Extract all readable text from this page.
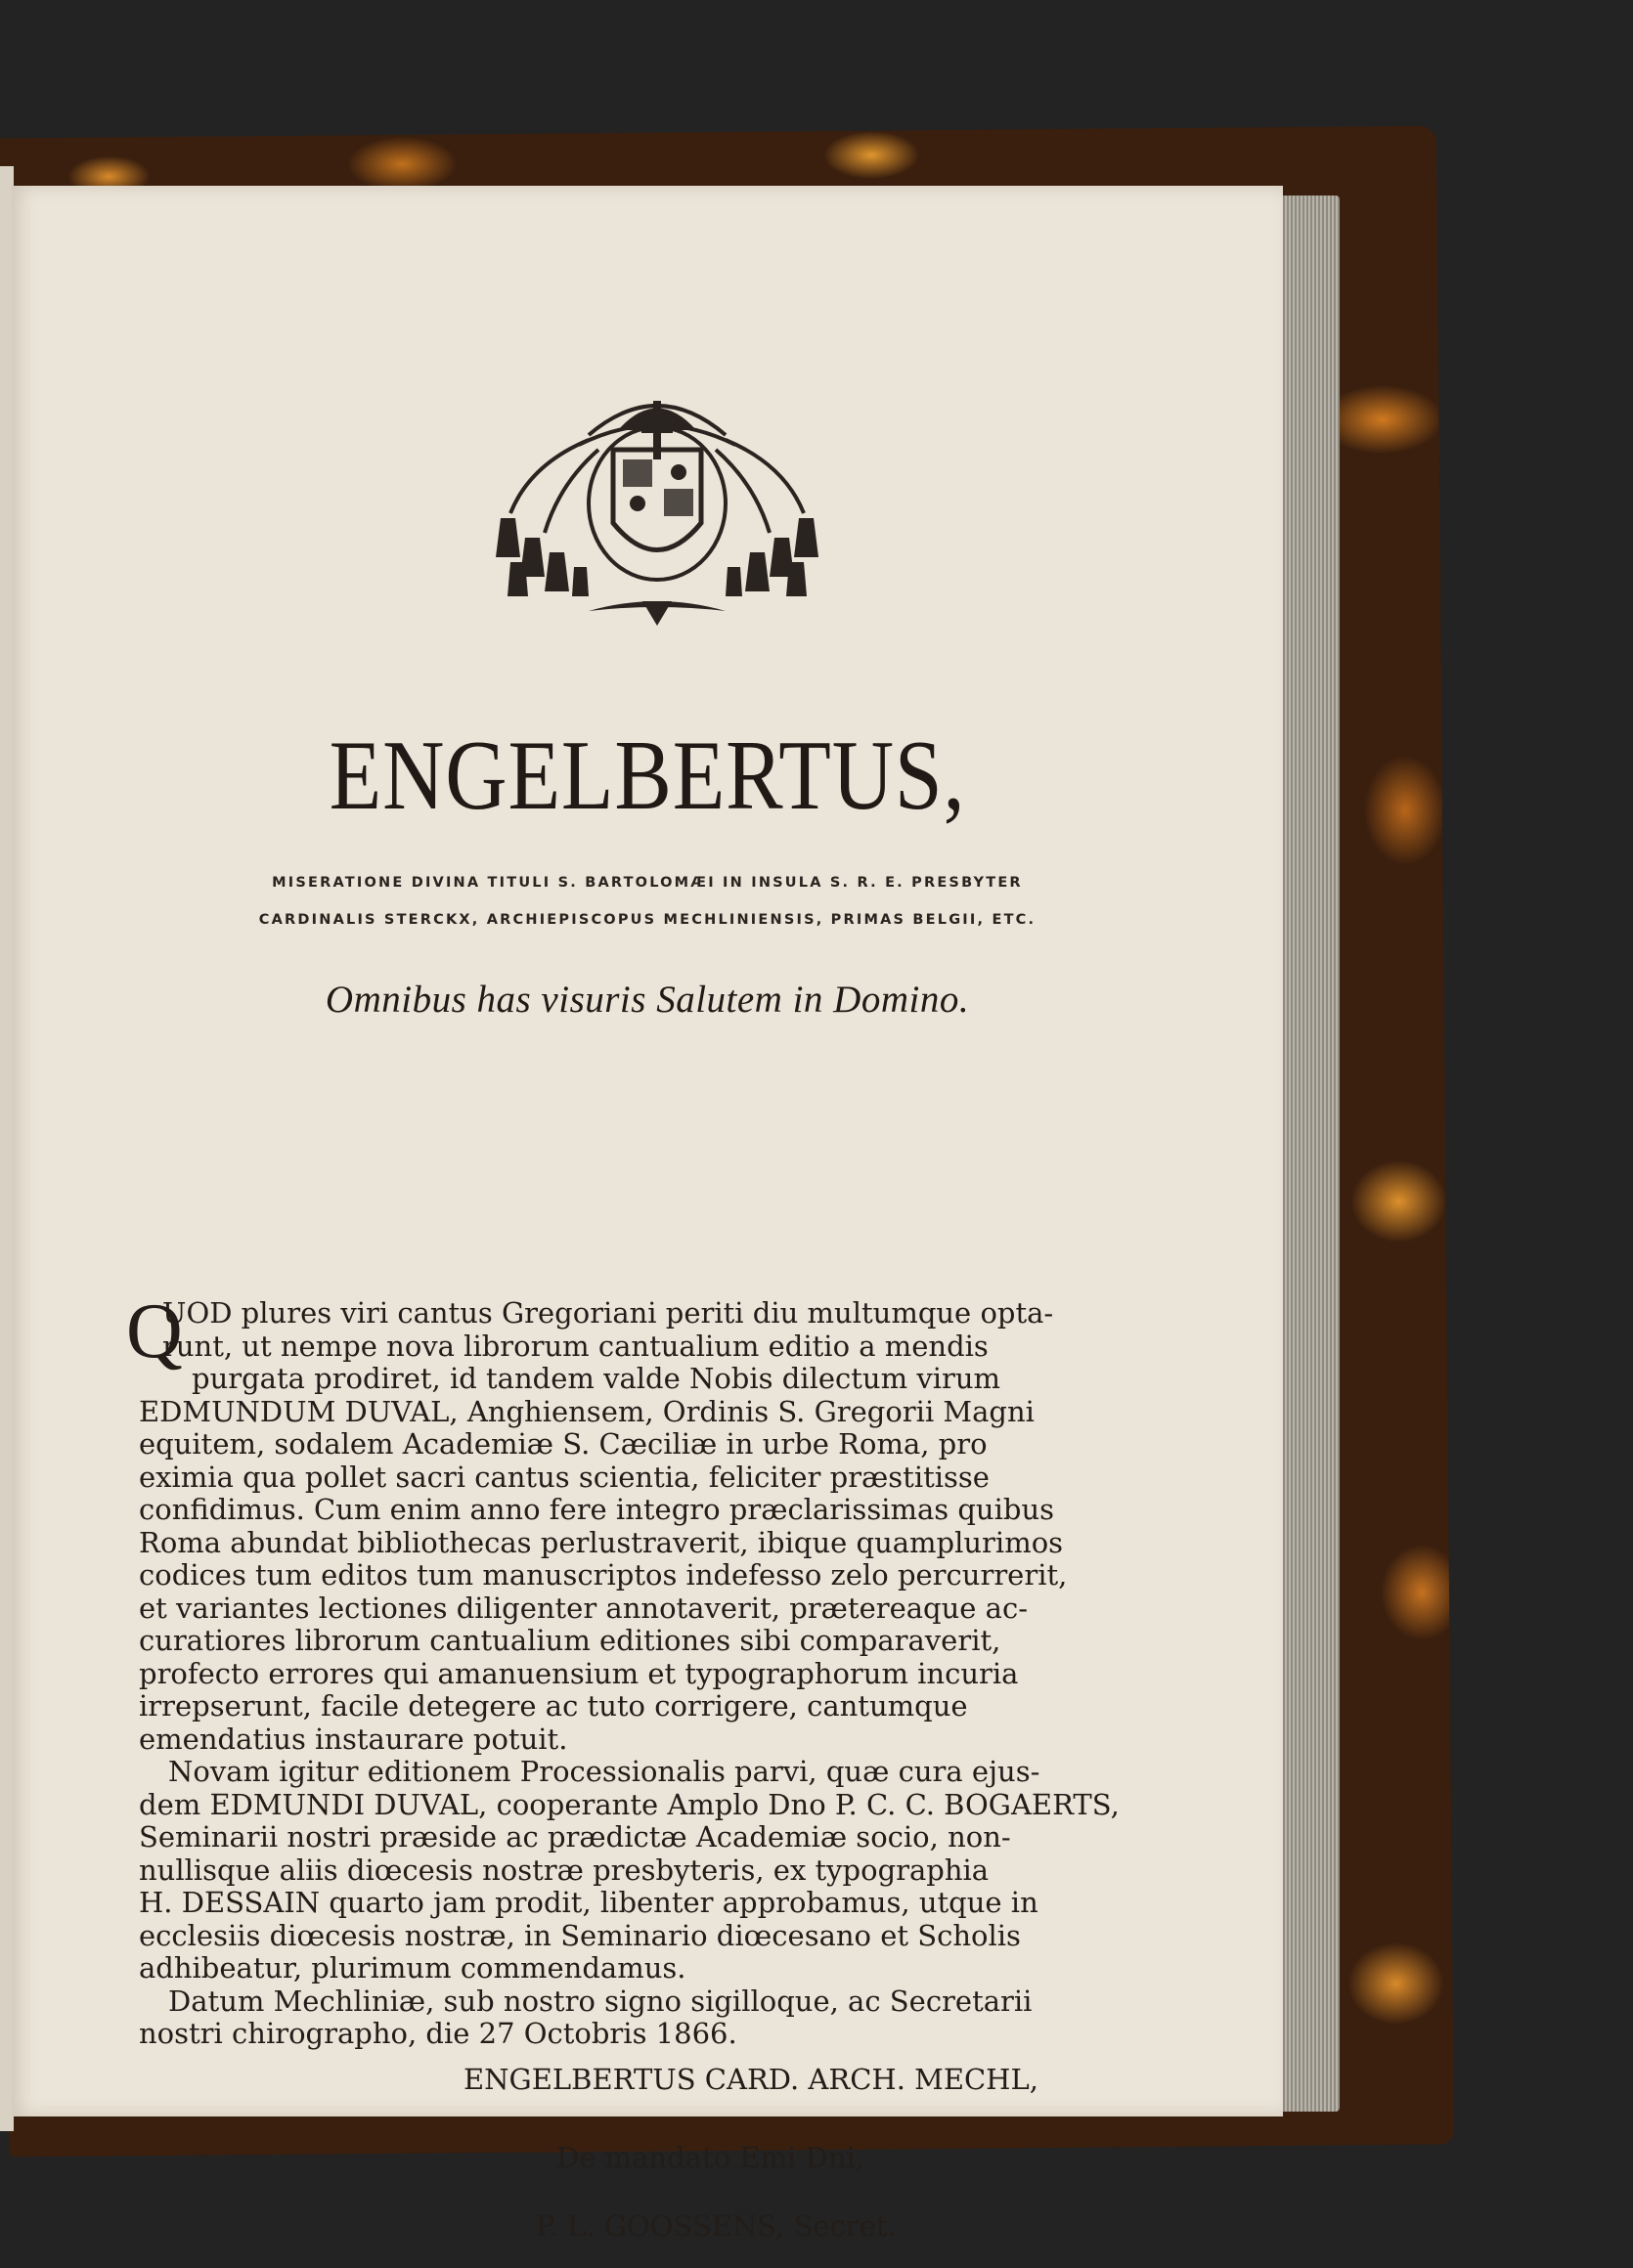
ENGELBERTUS,
MISERATIONE DIVINA TITULI S. BARTOLOMÆI IN INSULA S. R. E. PRESBYTER
CARDINALIS STERCKX, ARCHIEPISCOPUS MECHLINIENSIS, PRIMAS BELGII, ETC.
Omnibus has visuris Salutem in Domino.
Q
UOD plures viri cantus Gregoriani periti diu multumque opta-
runt, ut nempe nova librorum cantualium editio a mendis
purgata prodiret, id tandem valde Nobis dilectum virum
EDMUNDUM DUVAL, Anghiensem, Ordinis S. Gregorii Magni
equitem, sodalem Academiæ S. Cæciliæ in urbe Roma, pro
eximia qua pollet sacri cantus scientia, feliciter præstitisse
confidimus. Cum enim anno fere integro præclarissimas quibus
Roma abundat bibliothecas perlustraverit, ibique quamplurimos
codices tum editos tum manuscriptos indefesso zelo percurrerit,
et variantes lectiones diligenter annotaverit, prætereaque ac-
curatiores librorum cantualium editiones sibi comparaverit,
profecto errores qui amanuensium et typographorum incuria
irrepserunt, facile detegere ac tuto corrigere, cantumque
emendatius instaurare potuit.
Novam igitur editionem Processionalis parvi, quæ cura ejus-
dem EDMUNDI DUVAL, cooperante Amplo Dno P. C. C. BOGAERTS,
Seminarii nostri præside ac prædictæ Academiæ socio, non-
nullisque aliis diœcesis nostræ presbyteris, ex typographia
H. DESSAIN quarto jam prodit, libenter approbamus, utque in
ecclesiis diœcesis nostræ, in Seminario diœcesano et Scholis
adhibeatur, plurimum commendamus.
Datum Mechliniæ, sub nostro signo sigilloque, ac Secretarii
nostri chirographo, die 27 Octobris 1866.
ENGELBERTUS CARD. ARCH. MECHL,
De mandato Emi Dni,
P. L. GOOSSENS, Secret.
